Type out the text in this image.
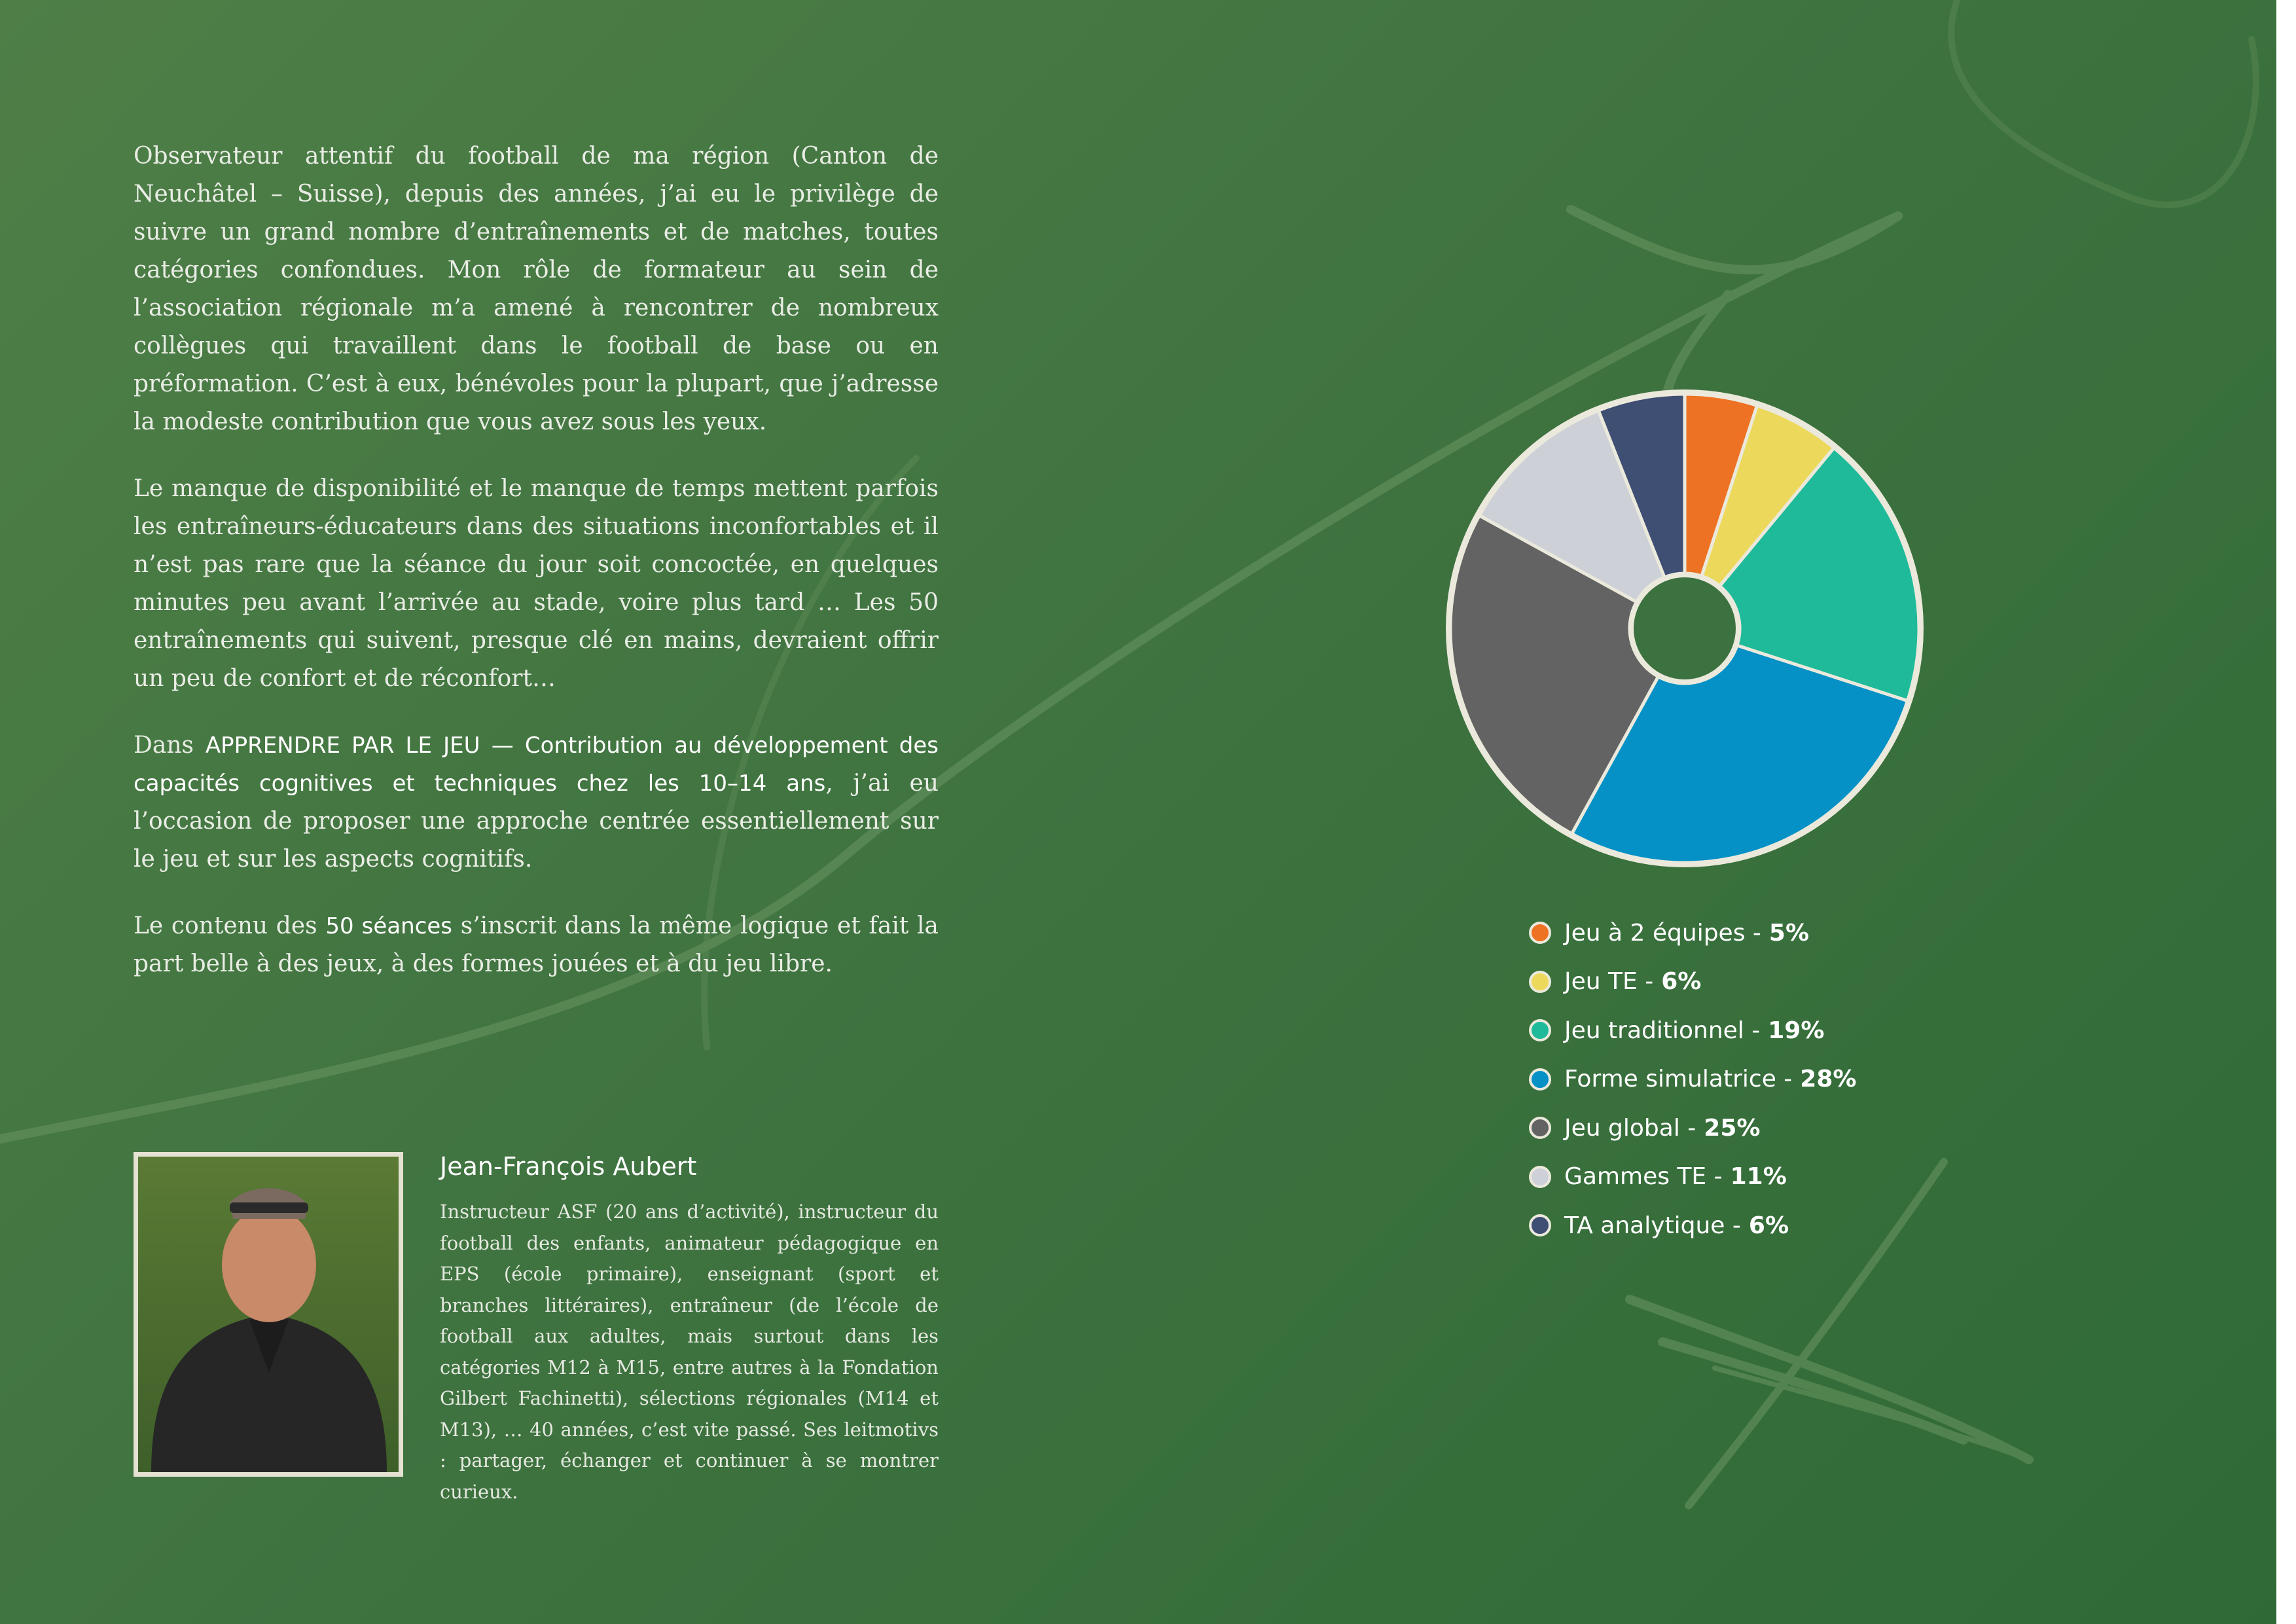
Observateur attentif du football de ma région (Canton de Neuchâtel – Suisse), depuis des années, j’ai eu le privilège de suivre un grand nombre d’entraînements et de matches, toutes catégories confondues. Mon rôle de formateur au sein de l’association régionale m’a amené à rencontrer de nombreux collègues qui travaillent dans le football de base ou en préformation. C’est à eux, bénévoles pour la plupart, que j’adresse la modeste contribution que vous avez sous les yeux.

Le manque de disponibilité et le manque de temps mettent parfois les entraîneurs-éducateurs dans des situations inconfortables et il n’est pas rare que la séance du jour soit concoctée, en quelques minutes peu avant l’arrivée au stade, voire plus tard … Les 50 entraînements qui suivent, presque clé en mains, devraient offrir un peu de confort et de réconfort…

Dans APPRENDRE PAR LE JEU — Contribution au développement des capacités cognitives et techniques chez les 10–14 ans, j’ai eu l’occasion de proposer une approche centrée essentiellement sur le jeu et sur les aspects cognitifs.

Le contenu des 50 séances s’inscrit dans la même logique et fait la part belle à des jeux, à des formes jouées et à du jeu libre.

Jean-François Aubert

Instructeur ASF (20 ans d’activité), instructeur du football des enfants, animateur pédagogique en EPS (école primaire), enseignant (sport et branches littéraires), entraîneur (de l’école de football aux adultes, mais surtout dans les catégories M12 à M15, entre autres à la Fondation Gilbert Fachinetti), sélections régionales (M14 et M13), … 40 années, c’est vite passé. Ses leitmotivs : partager, échanger et continuer à se montrer curieux.

Jeu à 2 équipes - 5%
Jeu TE - 6%
Jeu traditionnel - 19%
Forme simulatrice - 28%
Jeu global - 25%
Gammes TE - 11%
TA analytique - 6%
